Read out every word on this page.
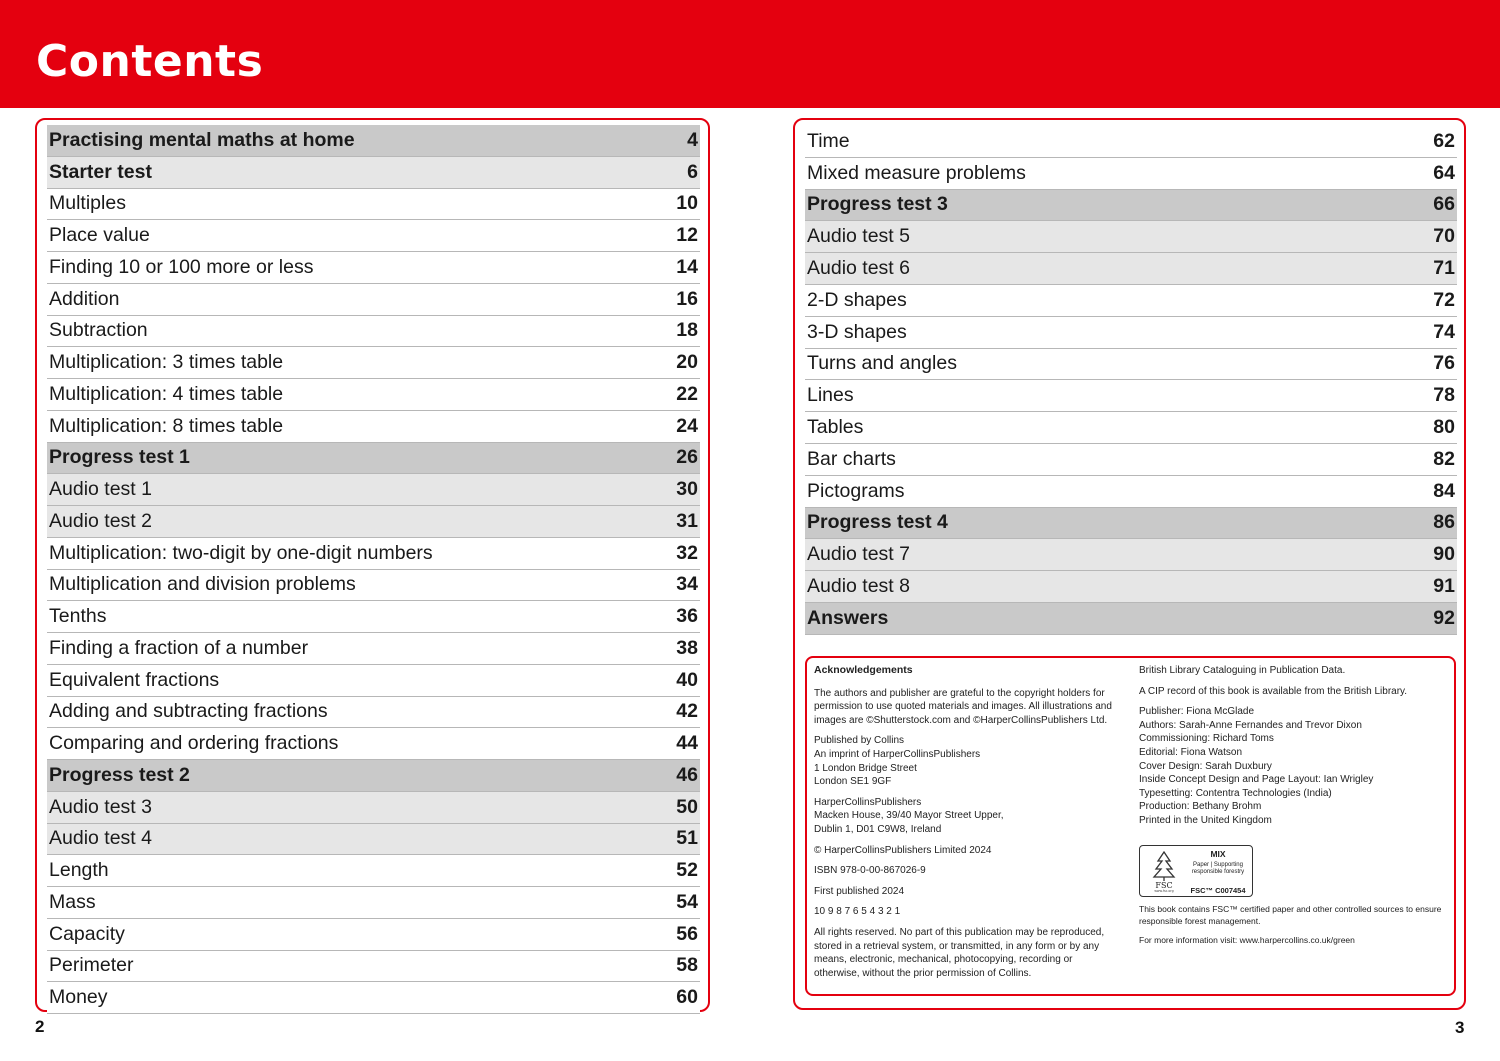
Contents
Practising mental maths at home	4
Starter test	6
Multiples	10
Place value	12
Finding 10 or 100 more or less	14
Addition	16
Subtraction	18
Multiplication: 3 times table	20
Multiplication: 4 times table	22
Multiplication: 8 times table	24
Progress test 1	26
Audio test 1	30
Audio test 2	31
Multiplication: two-digit by one-digit numbers	32
Multiplication and division problems	34
Tenths	36
Finding a fraction of a number	38
Equivalent fractions	40
Adding and subtracting fractions	42
Comparing and ordering fractions	44
Progress test 2	46
Audio test 3	50
Audio test 4	51
Length	52
Mass	54
Capacity	56
Perimeter	58
Money	60
Time	62
Mixed measure problems	64
Progress test 3	66
Audio test 5	70
Audio test 6	71
2-D shapes	72
3-D shapes	74
Turns and angles	76
Lines	78
Tables	80
Bar charts	82
Pictograms	84
Progress test 4	86
Audio test 7	90
Audio test 8	91
Answers	92

Acknowledgements

The authors and publisher are grateful to the copyright holders for permission to use quoted materials and images. All illustrations and images are ©Shutterstock.com and ©HarperCollinsPublishers Ltd.

Published by Collins
An imprint of HarperCollinsPublishers
1 London Bridge Street
London SE1 9GF

HarperCollinsPublishers
Macken House, 39/40 Mayor Street Upper,
Dublin 1, D01 C9W8, Ireland

© HarperCollinsPublishers Limited 2024

ISBN 978-0-00-867026-9

First published 2024

10 9 8 7 6 5 4 3 2 1

All rights reserved. No part of this publication may be reproduced, stored in a retrieval system, or transmitted, in any form or by any means, electronic, mechanical, photocopying, recording or otherwise, without the prior permission of Collins.

British Library Cataloguing in Publication Data.

A CIP record of this book is available from the British Library.

Publisher: Fiona McGlade
Authors: Sarah-Anne Fernandes and Trevor Dixon
Commissioning: Richard Toms
Editorial: Fiona Watson
Cover Design: Sarah Duxbury
Inside Concept Design and Page Layout: Ian Wrigley
Typesetting: Contentra Technologies (India)
Production: Bethany Brohm
Printed in the United Kingdom

FSC
www.fsc.org
MIX
Paper | Supporting responsible forestry
FSC™ C007454

This book contains FSC™ certified paper and other controlled sources to ensure responsible forest management.

For more information visit: www.harpercollins.co.uk/green

2	3
